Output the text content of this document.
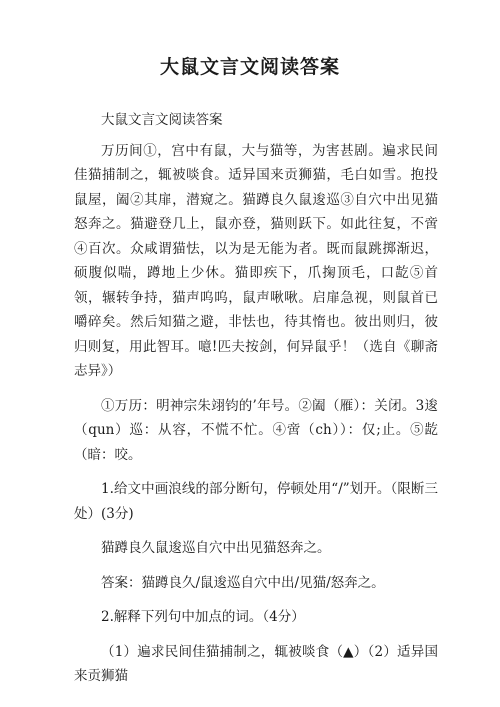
大鼠文言文阅读答案

大鼠文言文阅读答案

万历间①，宫中有鼠，大与猫等，为害甚剧。遍求民间佳猫捕制之，辄被啖食。适异国来贡狮猫，毛白如雪。抱投鼠屋，阖②其扉，潜窥之。猫蹲良久鼠逡巡③自穴中出见猫怒奔之。猫避登几上，鼠亦登，猫则跃下。如此往复，不啻④百次。众咸谓猫怯，以为是无能为者。既而鼠跳掷渐迟，硕腹似喘，蹲地上少休。猫即疾下，爪掬顶毛，口龁⑤首领，辗转争持，猫声呜呜，鼠声啾啾。启扉急视，则鼠首已嚼碎矣。然后知猫之避，非怯也，待其惰也。彼出则归，彼归则复，用此智耳。噫!匹夫按剑，何异鼠乎！（选自《聊斋志异》）

①万历：明神宗朱翊钧的’年号。②阖（雁）：关闭。3逡（qun）巡：从容，不慌不忙。④啻（ch））：仅;止。⑤龁（暗：咬。

1.给文中画浪线的部分断句，停顿处用“/”划开。（限断三处）(3分)

猫蹲良久鼠逡巡自穴中出见猫怒奔之。

答案：猫蹲良久/鼠逡巡自穴中出/见猫/怒奔之。

2.解释下列句中加点的词。（4分）

（1）遍求民间佳猫捕制之，辄被啖食（▲）（2）适异国来贡狮猫
